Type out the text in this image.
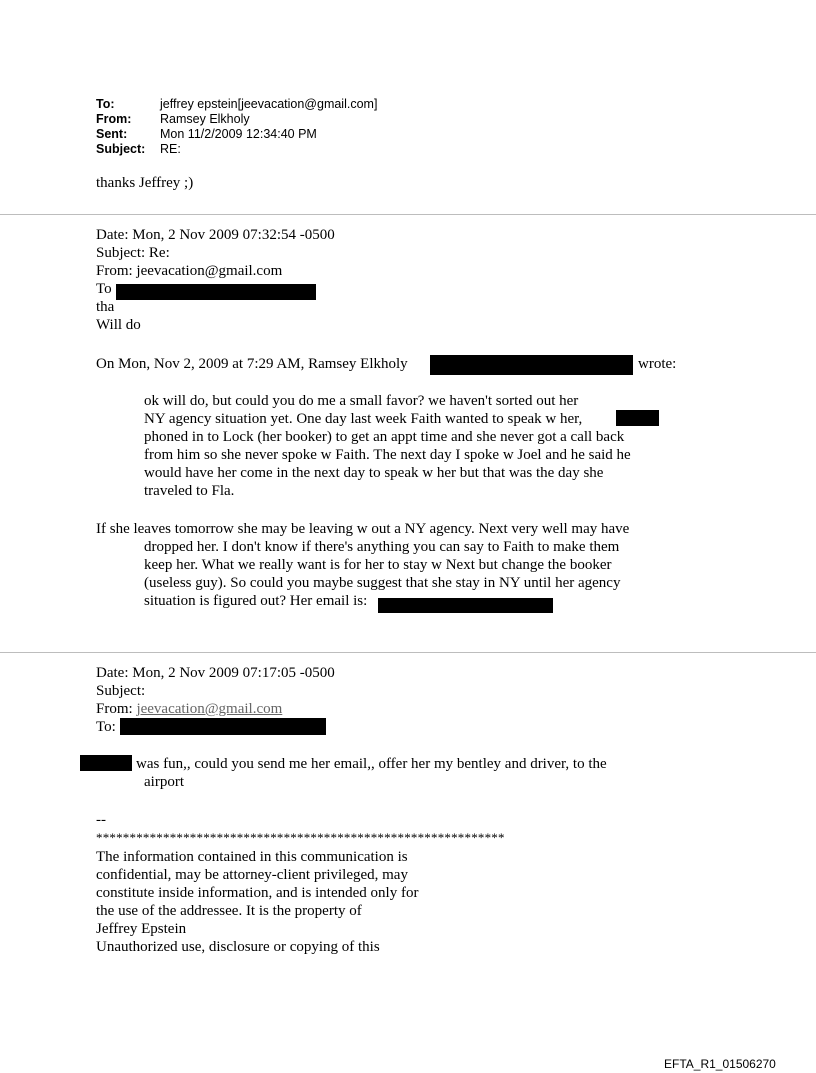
To:	jeffrey epstein[jeevacation@gmail.com]
From: Ramsey Elkholy
Sent:	Mon 11/2/2009 12:34:40 PM
Subject: RE:
thanks Jeffrey ;)
Date: Mon, 2 Nov 2009 07:32:54 -0500
Subject: Re:
From: jeevacation@gmail.com
To
tha
Will do
On Mon, Nov 2, 2009 at 7:29 AM, Ramsey Elkholy	wrote:
ok will do, but could you do me a small favor? we haven't sorted out her
NY agency situation yet. One day last week Faith wanted to speak w her,
phoned in to Lock (her booker) to get an appt time and she never got a call back
from him so she never spoke w Faith. The next day I spoke w Joel and he said he
would have her come in the next day to speak w her but that was the day she
traveled to Fla.
If she leaves tomorrow she may be leaving w out a NY agency. Next very well may have
dropped her. I don't know if there's anything you can say to Faith to make them
keep her. What we really want is for her to stay w Next but change the booker
(useless guy). So could you maybe suggest that she stay in NY until her agency
situation is figured out? Her email is:
Date: Mon, 2 Nov 2009 07:17:05 -0500
Subject:
From: jeevacation@gmail.com
To:
was fun,, could you send me her email,, offer her my bentley and driver, to the
airport
--
*************************************************************
The information contained in this communication is
confidential, may be attorney-client privileged, may
constitute inside information, and is intended only for
the use of the addressee. It is the property of
Jeffrey Epstein
Unauthorized use, disclosure or copying of this
EFTA_R1_01506270
